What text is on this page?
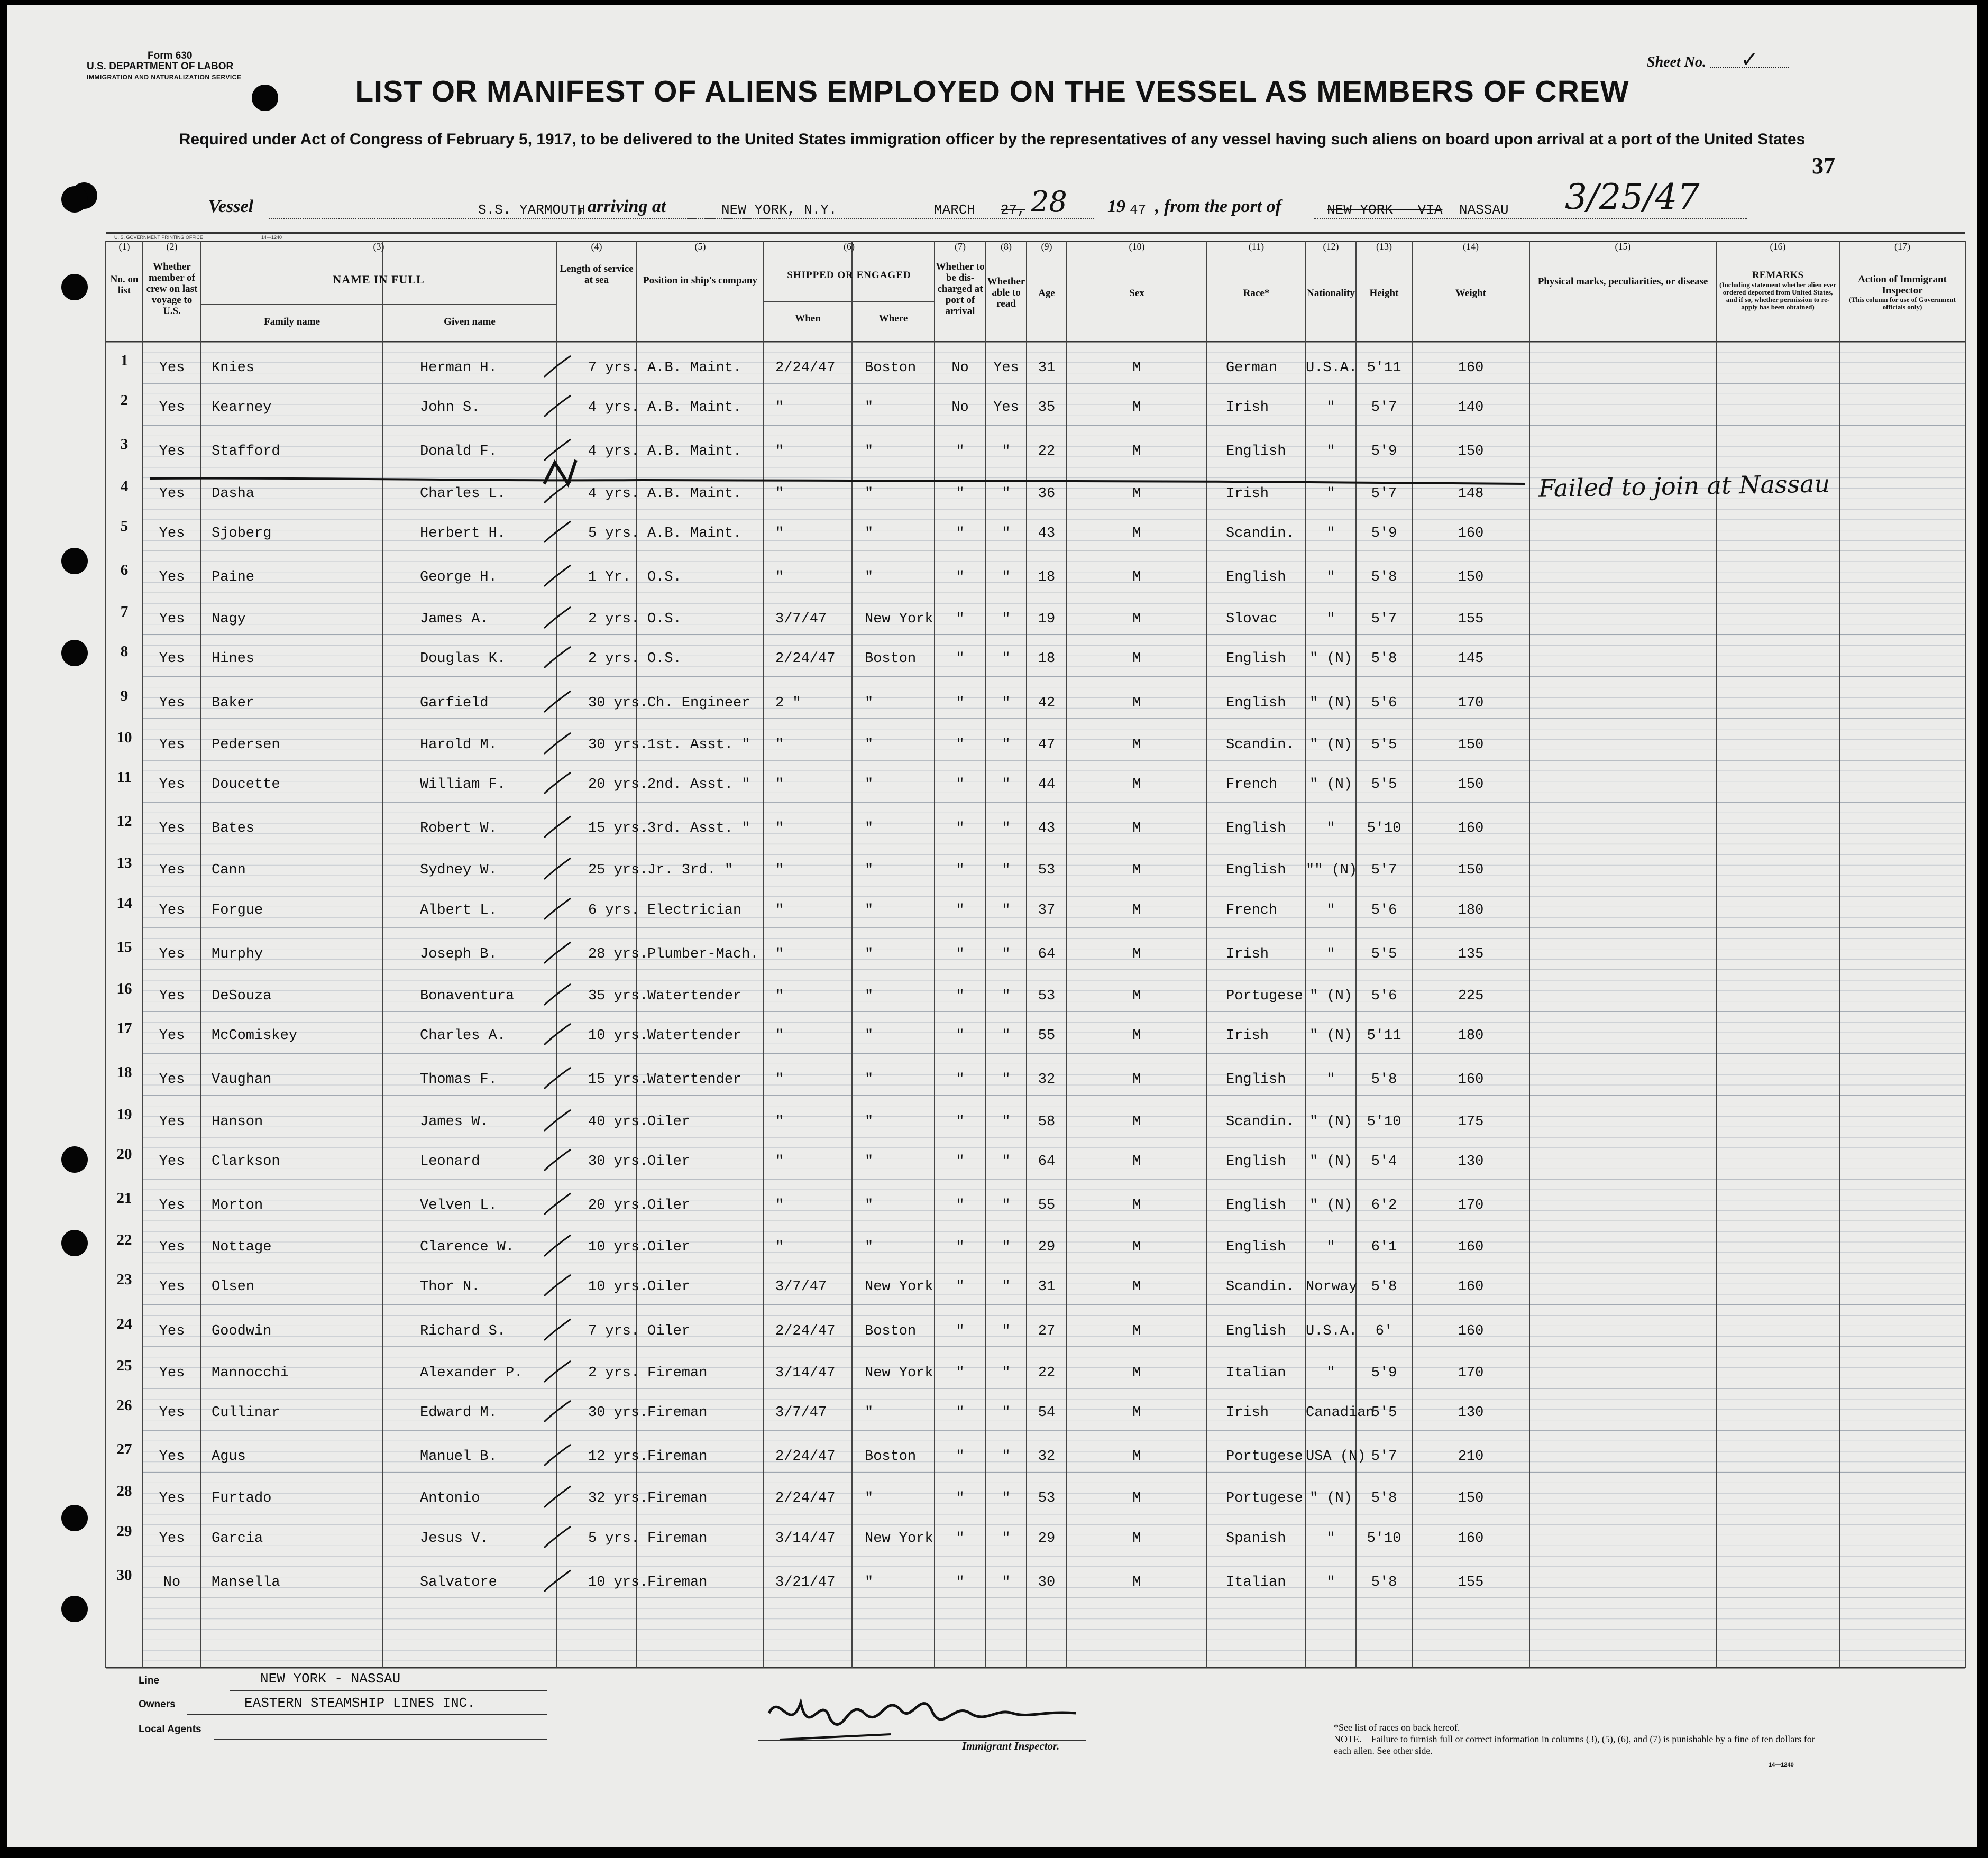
Form 630
U.S. DEPARTMENT OF LABOR
IMMIGRATION AND NATURALIZATION SERVICE
Sheet No. ✓
LIST OR MANIFEST OF ALIENS EMPLOYED ON THE VESSEL AS MEMBERS OF CREW
Required under Act of Congress of February 5, 1917, to be delivered to the United States immigration officer by the representatives of any vessel having such aliens on board upon arrival at a port of the United States
37
Vessel	S.S. YARMOUTH
, arriving at	NEW YORK, N.Y.	MARCH 27, 28 19 47 , from the port of	NEW YORK - VIA NASSAU 3/25/47
U. S. GOVERNMENT PRINTING OFFICE	14—1240
(1)	(2)	(3)	(4)	(5)	(6)	(7)	(8)	(9)	(10)	(11)	(12)	(13)	(14)	(15)	(16)	(17)
No. on list
Whether member of crew on last voyage to U.S.
NAME IN FULL
Family name	Given name
Length of service at sea	Position in ship's company	SHIPPED OR ENGAGED
When	Where
Whether to be dis-charged at port of arrival
Whether able to read
Age	Sex	Race*	Nationality	Height	Weight
Physical marks, peculiarities, or disease
REMARKS
(Including statement whether alien ever ordered deported from United States, and if so, whether permission to re-apply has been obtained)
Action of Immigrant Inspector
(This column for use of Government officials only)
1	Yes	Knies	Herman H.	7 yrs. A.B. Maint. 2/24/47 Boston	No	Yes	31	M	German U.S.A. 5'11	160
2	Yes	Kearney	John S.	4 yrs. A.B. Maint. "	"	No	Yes	35	M	Irish	"	5'7	140
3	Yes	Stafford	Donald F.	4 yrs. A.B. Maint. "	"	"	"	22	M	English	"	5'9	150
4	Yes	Dasha	Charles L.	4 yrs. A.B. Maint. "	"	"	"	36	M	Irish	"	5'7	148
5	Yes	Sjoberg	Herbert H.	5 yrs. A.B. Maint. "	"	"	"	43	M	Scandin.	"	5'9	160
6	Yes	Paine	George H.	1 Yr. O.S.	"	"	"	"	18	M	English	"	5'8	150
7	Yes	Nagy	James A.	2 yrs. O.S.	3/7/47	New York	"	"	19	M	Slovac	"	5'7	155
8	Yes	Hines	Douglas K.	2 yrs. O.S.	2/24/47 Boston	"	"	18	M	English " (N)	5'8	145
9	Yes	Baker	Garfield	30 yrs.
Ch. Engineer 2 "	"	"	"	42	M	English " (N)	5'6	170
10	Yes	Pedersen	Harold M.	30 yrs.
1st. Asst. " "	"	"	"	47	M	Scandin. " (N)	5'5	150
11	Yes	Doucette	William F.	20 yrs.
2nd. Asst. " "	"	"	"	44	M	French " (N)	5'5	150
12	Yes	Bates	Robert W.	15 yrs.
3rd. Asst. " "	"	"	"	43	M	English	"	5'10	160
13	Yes	Cann	Sydney W.	25 yrs.
Jr. 3rd. "	"	"	"	"	53	M	English "" (N) 5'7	150
14	Yes	Forgue	Albert L.	6 yrs. Electrician "	"	"	"	37	M	French	"	5'6	180
15	Yes	Murphy	Joseph B.	28 yrs.
Plumber-Mach. "	"	"	"	64	M	Irish	"	5'5	135
16	Yes	DeSouza	Bonaventura	35 yrs.
Watertender "	"	"	"	53	M	Portugese " (N)	5'6	225
17	Yes	McComiskey	Charles A.	10 yrs.
Watertender "	"	"	"	55	M	Irish	" (N)	5'11	180
18	Yes	Vaughan	Thomas F.	15 yrs.
Watertender "	"	"	"	32	M	English	"	5'8	160
19	Yes	Hanson	James W.	40 yrs.
Oiler	"	"	"	"	58	M	Scandin. " (N)	5'10	175
20	Yes	Clarkson	Leonard	30 yrs.
Oiler	"	"	"	"	64	M	English " (N)	5'4	130
21	Yes	Morton	Velven L.	20 yrs.
Oiler	"	"	"	"	55	M	English " (N)	6'2	170
22	Yes	Nottage	Clarence W.	10 yrs.
Oiler	"	"	"	"	29	M	English	"	6'1	160
23	Yes	Olsen	Thor N.	10 yrs.
Oiler	3/7/47	New York	"	"	31	M	Scandin. Norway 5'8	160
24	Yes	Goodwin	Richard S.	7 yrs. Oiler	2/24/47 Boston	"	"	27	M	English U.S.A.	6'	160
25	Yes	Mannocchi	Alexander P.	2 yrs. Fireman	3/14/47 New York	"	"	22	M	Italian	"	5'9	170
26	Yes	Cullinar	Edward M.	30 yrs.
Fireman	3/7/47	"	"	"	54	M	Irish	Canadian
5'5	130
27	Yes	Agus	Manuel B.	12 yrs.
Fireman	2/24/47 Boston	"	"	32	M	Portugese USA (N) 5'7	210
28	Yes	Furtado	Antonio	32 yrs.
Fireman	2/24/47 "	"	"	53	M	Portugese " (N)	5'8	150
29	Yes	Garcia	Jesus V.	5 yrs. Fireman	3/14/47 New York	"	"	29	M	Spanish	"	5'10	160
30	No	Mansella	Salvatore	10 yrs.
Fireman	3/21/47 "	"	"	30	M	Italian	"	5'8	155
Failed to join at Nassau
Line	NEW YORK - NASSAU
Owners	EASTERN STEAMSHIP LINES INC.
Local Agents
Immigrant Inspector.
*See list of races on back hereof.
NOTE.—Failure to furnish full or correct information in columns (3), (5), (6), and (7) is punishable by a fine of ten dollars for each alien. See other side.
14—1240
